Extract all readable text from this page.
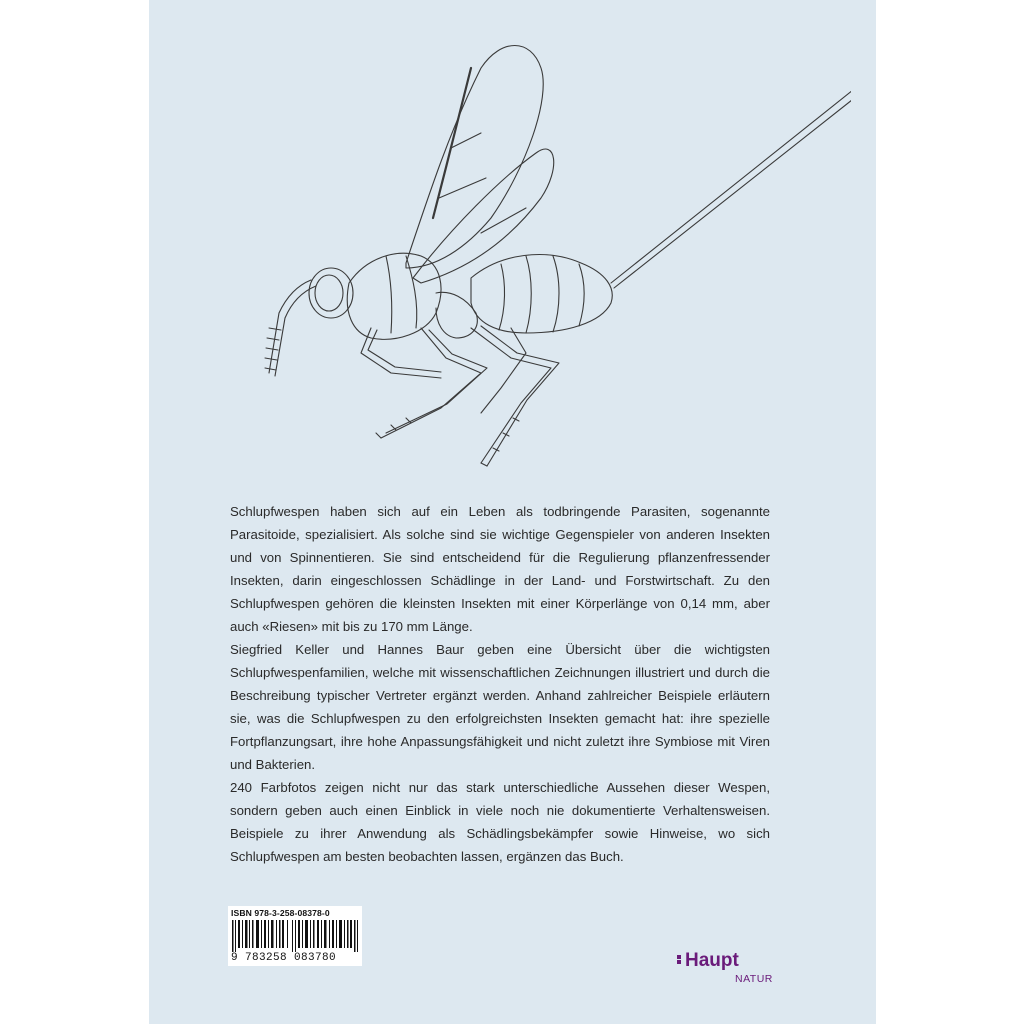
Schlupfwespen haben sich auf ein Leben als todbringende Parasiten, sogenannte Parasitoide, spezialisiert. Als solche sind sie wichtige Gegenspieler von anderen Insekten und von Spinnentieren. Sie sind entscheidend für die Regulierung pflanzenfressender Insekten, darin eingeschlossen Schädlinge in der Land- und Forstwirtschaft. Zu den Schlupfwespen gehören die kleinsten Insekten mit einer Körperlänge von 0,14 mm, aber auch «Riesen» mit bis zu 170 mm Länge.

Siegfried Keller und Hannes Baur geben eine Übersicht über die wichtigsten Schlupfwespenfamilien, welche mit wissenschaftlichen Zeichnungen illustriert und durch die Beschreibung typischer Vertreter ergänzt werden. Anhand zahlreicher Beispiele erläutern sie, was die Schlupfwespen zu den erfolgreichsten Insekten gemacht hat: ihre spezielle Fortpflanzungsart, ihre hohe Anpassungsfähigkeit und nicht zuletzt ihre Symbiose mit Viren und Bakterien.

240 Farbfotos zeigen nicht nur das stark unterschiedliche Aussehen dieser Wespen, sondern geben auch einen Einblick in viele noch nie dokumentierte Verhaltensweisen. Beispiele zu ihrer Anwendung als Schädlingsbekämpfer sowie Hinweise, wo sich Schlupfwespen am besten beobachten lassen, ergänzen das Buch.

ISBN 978-3-258-08378-0
9 783258 083780	Haupt
NATUR
